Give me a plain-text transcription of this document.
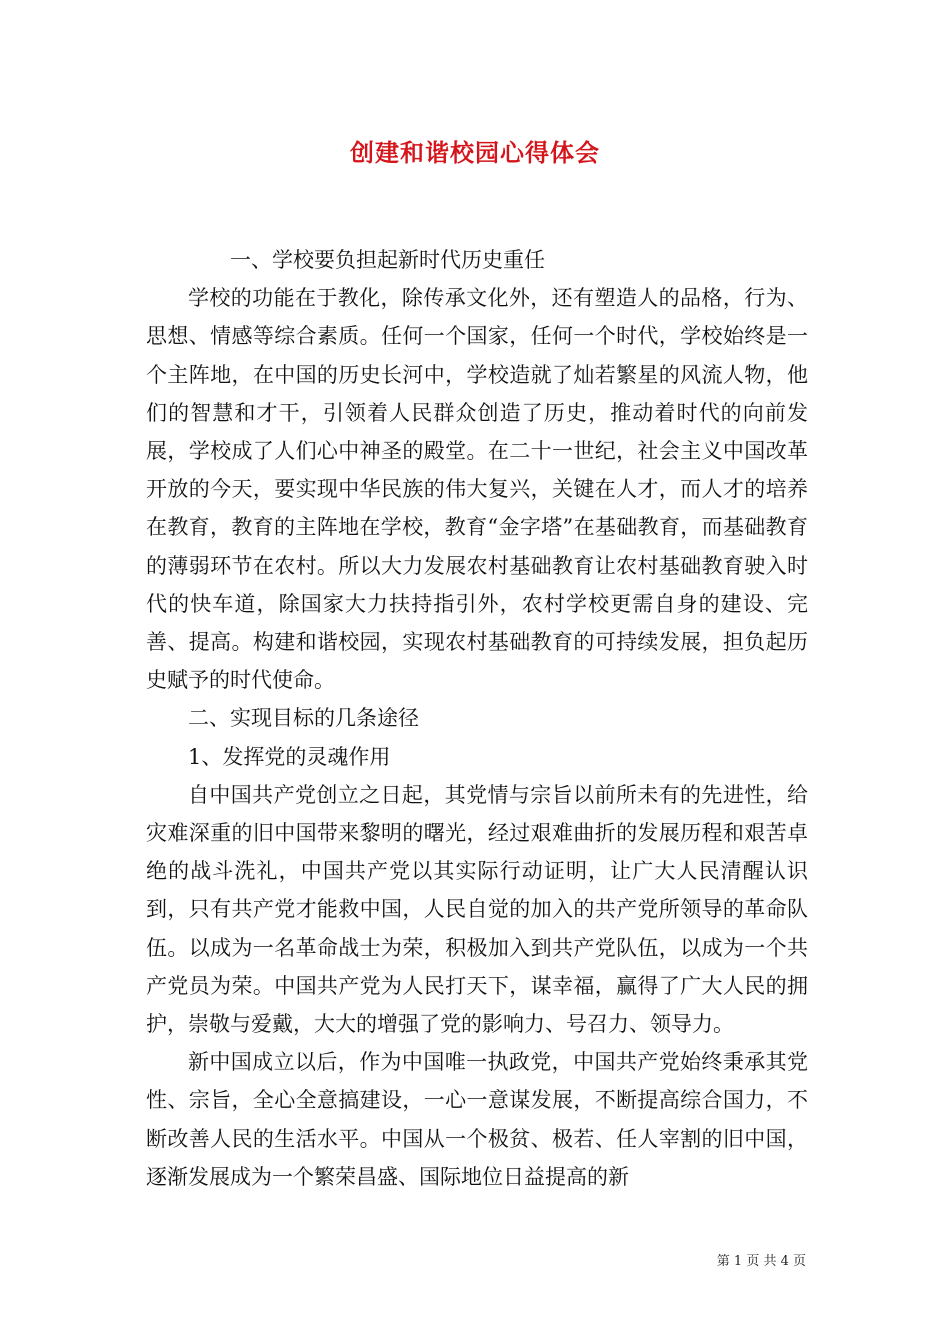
创建和谐校园心得体会

一、学校要负担起新时代历史重任

学校的功能在于教化，除传承文化外，还有塑造人的品格，行为、思想、情感等综合素质。任何一个国家，任何一个时代，学校始终是一个主阵地，在中国的历史长河中，学校造就了灿若繁星的风流人物，他们的智慧和才干，引领着人民群众创造了历史，推动着时代的向前发展，学校成了人们心中神圣的殿堂。在二十一世纪，社会主义中国改革开放的今天，要实现中华民族的伟大复兴，关键在人才，而人才的培养在教育，教育的主阵地在学校，教育“金字塔”在基础教育，而基础教育的薄弱环节在农村。所以大力发展农村基础教育让农村基础教育驶入时代的快车道，除国家大力扶持指引外，农村学校更需自身的建设、完善、提高。构建和谐校园，实现农村基础教育的可持续发展，担负起历史赋予的时代使命。

二、实现目标的几条途径

1、发挥党的灵魂作用

自中国共产党创立之日起，其党情与宗旨以前所未有的先进性，给灾难深重的旧中国带来黎明的曙光，经过艰难曲折的发展历程和艰苦卓绝的战斗洗礼，中国共产党以其实际行动证明，让广大人民清醒认识到，只有共产党才能救中国，人民自觉的加入的共产党所领导的革命队伍。以成为一名革命战士为荣，积极加入到共产党队伍，以成为一个共产党员为荣。中国共产党为人民打天下，谋幸福，赢得了广大人民的拥护，崇敬与爱戴，大大的增强了党的影响力、号召力、领导力。

新中国成立以后，作为中国唯一执政党，中国共产党始终秉承其党性、宗旨，全心全意搞建设，一心一意谋发展，不断提高综合国力，不断改善人民的生活水平。中国从一个极贫、极若、任人宰割的旧中国，逐渐发展成为一个繁荣昌盛、国际地位日益提高的新

第 1 页 共 4 页
